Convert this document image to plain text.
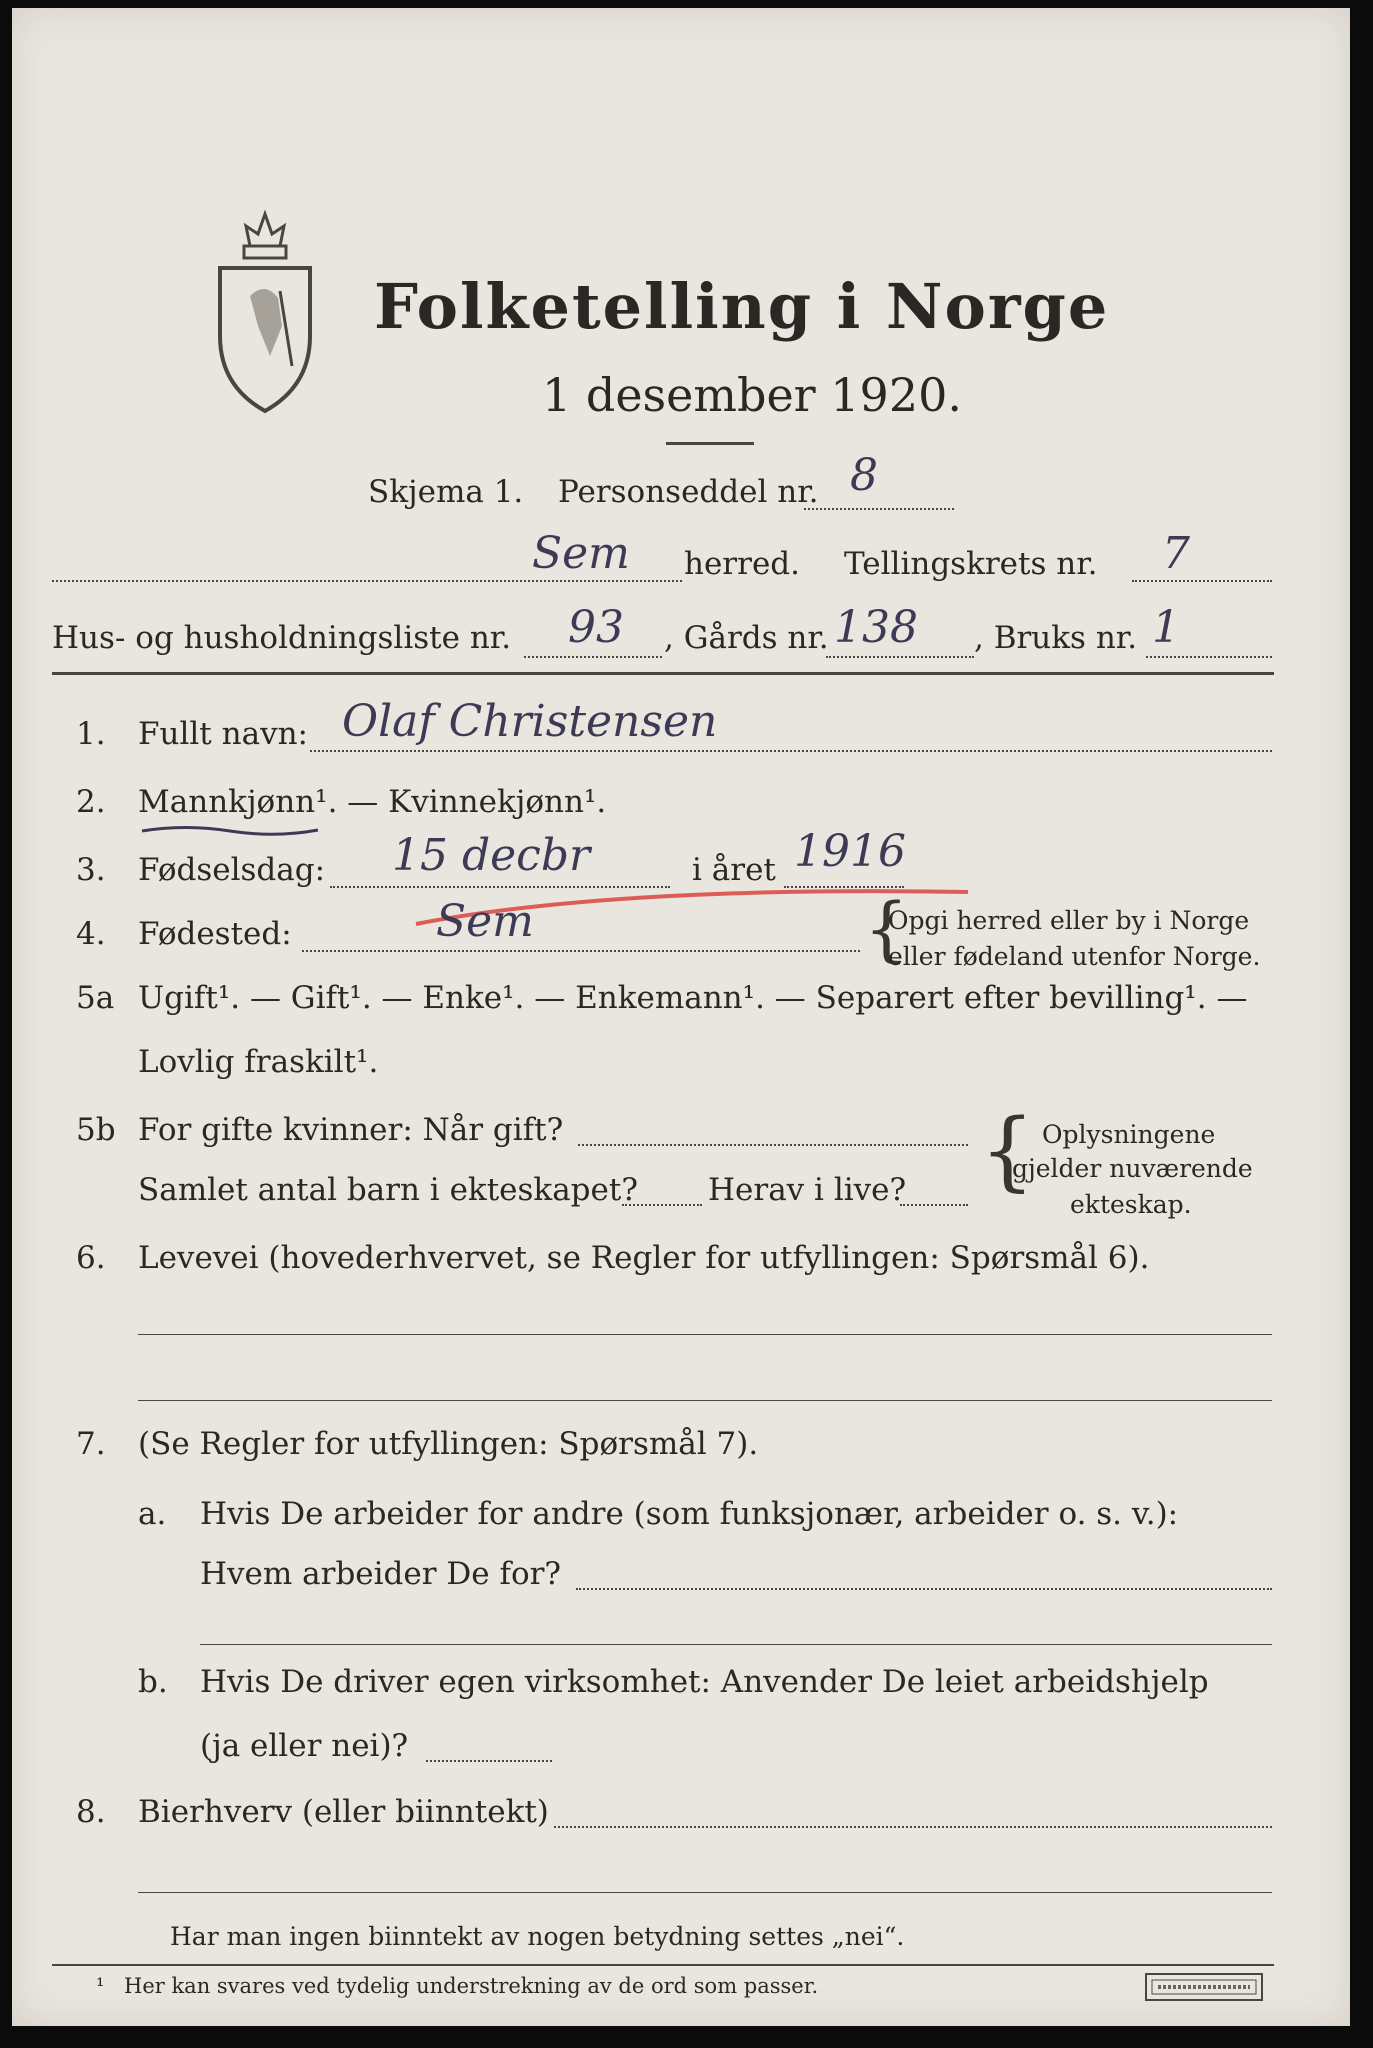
Folketelling i Norge
1 desember 1920.
Skjema 1. Personseddel nr. 8
Sem herred. Tellingskrets nr. 7
Hus- og husholdningsliste nr. 93 , Gårds nr. 138 , Bruks nr. 1
1. Fullt navn: Olaf Christensen
2. Mannkjønn¹. — Kvinnekjønn¹.
3. Fødselsdag: 15 decbr	i året 1916
4. Fødested:	Sem	{
Opgi herred eller by i Norge
eller fødeland utenfor Norge.
5a Ugift¹. — Gift¹. — Enke¹. — Enkemann¹. — Separert efter bevilling¹. —
Lovlig fraskilt¹.
5b For gifte kvinner: Når gift?
Samlet antal barn i ekteskapet? Herav i live? { Oplysningene
gjelder nuværende
ekteskap.
6. Levevei (hovederhvervet, se Regler for utfyllingen: Spørsmål 6).
7. (Se Regler for utfyllingen: Spørsmål 7).
a. Hvis De arbeider for andre (som funksjonær, arbeider o. s. v.):
Hvem arbeider De for?
b. Hvis De driver egen virksomhet: Anvender De leiet arbeidshjelp
(ja eller nei)?
8. Bierhverv (eller biinntekt)
Har man ingen biinntekt av nogen betydning settes „nei“.
¹ Her kan svares ved tydelig understrekning av de ord som passer.
